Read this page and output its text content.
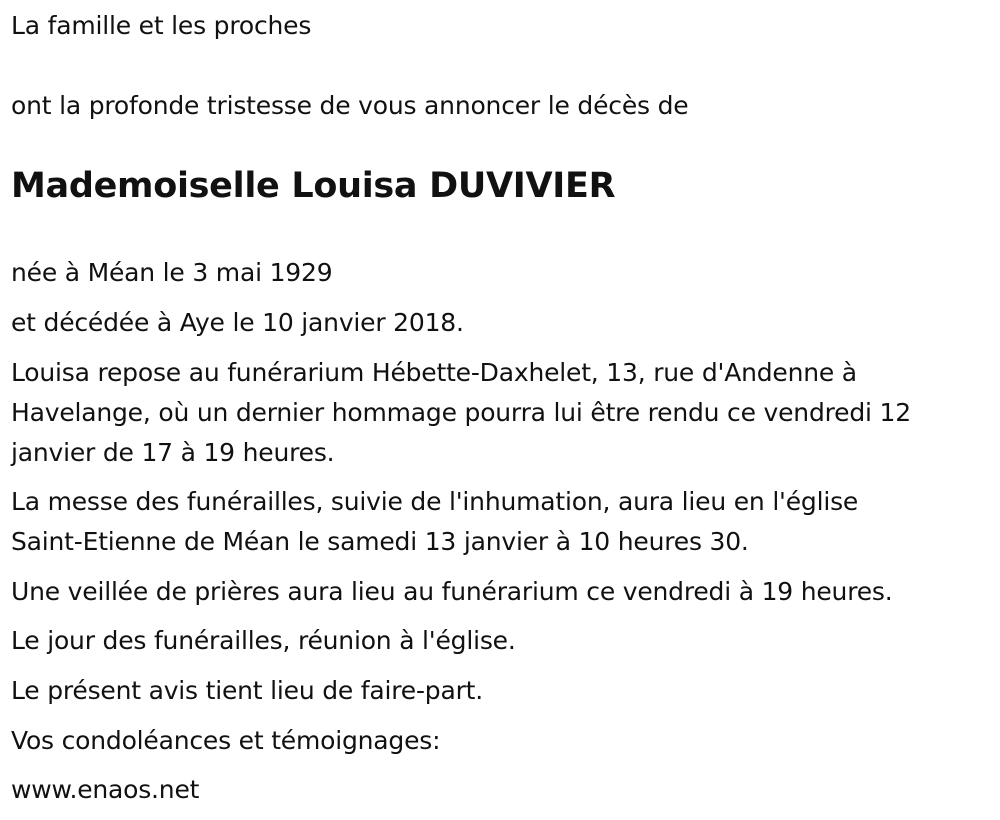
La famille et les proches
ont la profonde tristesse de vous annoncer le décès de
Mademoiselle Louisa DUVIVIER
née à Méan le 3 mai 1929
et décédée à Aye le 10 janvier 2018.
Louisa repose au funérarium Hébette-Daxhelet, 13, rue d'Andenne à
Havelange, où un dernier hommage pourra lui être rendu ce vendredi 12
janvier de 17 à 19 heures.
La messe des funérailles, suivie de l'inhumation, aura lieu en l'église
Saint-Etienne de Méan le samedi 13 janvier à 10 heures 30.
Une veillée de prières aura lieu au funérarium ce vendredi à 19 heures.
Le jour des funérailles, réunion à l'église.
Le présent avis tient lieu de faire-part.
Vos condoléances et témoignages:
www.enaos.net
